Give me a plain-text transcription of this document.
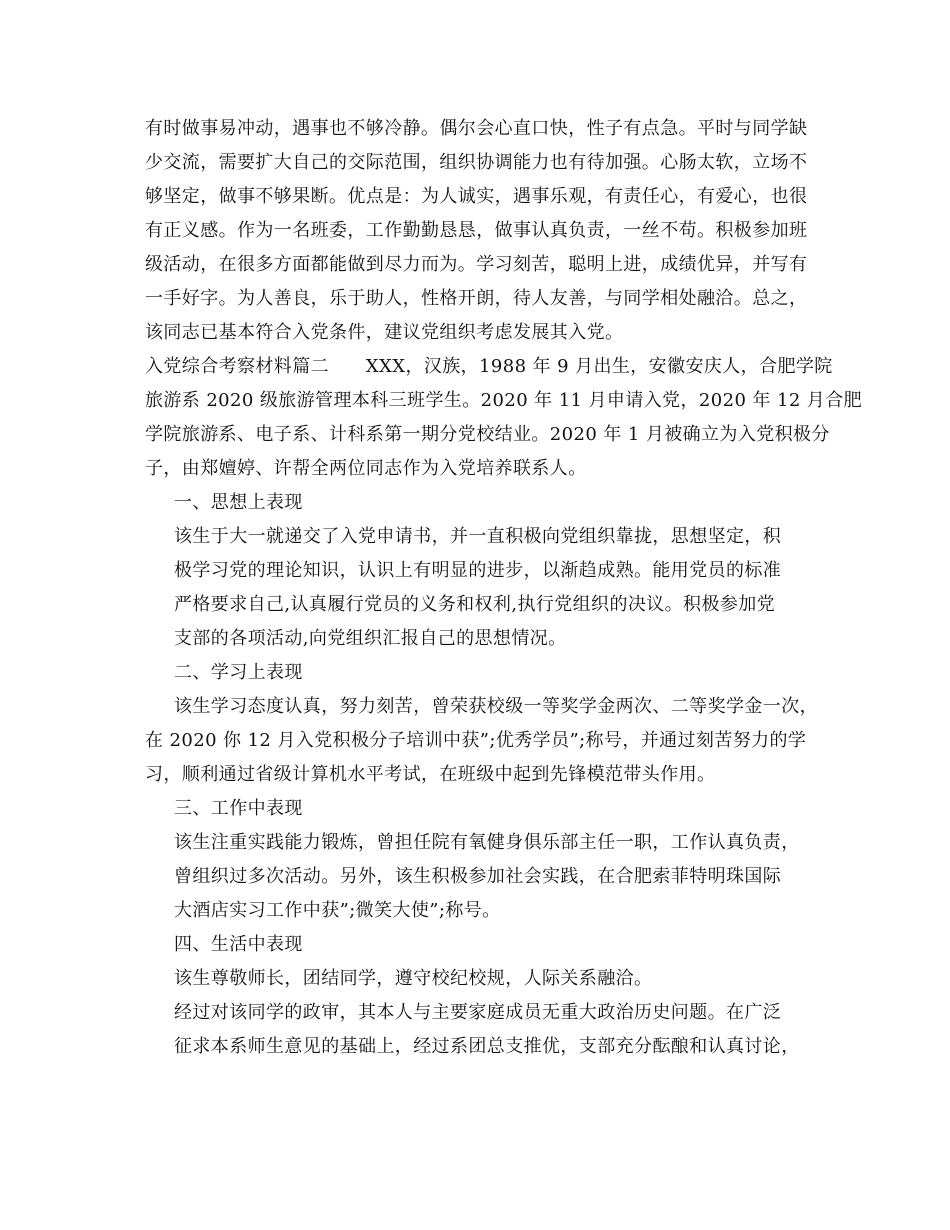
有时做事易冲动，遇事也不够冷静。偶尔会心直口快，性子有点急。平时与同学缺
少交流，需要扩大自己的交际范围，组织协调能力也有待加强。心肠太软，立场不
够坚定，做事不够果断。优点是：为人诚实，遇事乐观，有责任心，有爱心，也很
有正义感。作为一名班委，工作勤勤恳恳，做事认真负责，一丝不苟。积极参加班
级活动，在很多方面都能做到尽力而为。学习刻苦，聪明上进，成绩优异，并写有
一手好字。为人善良，乐于助人，性格开朗，待人友善，与同学相处融洽。总之，
该同志已基本符合入党条件，建议党组织考虑发展其入党。
入党综合考察材料篇二　　XXX，汉族，1988 年 9 月出生，安徽安庆人，合肥学院
旅游系 2020 级旅游管理本科三班学生。2020 年 11 月申请入党，2020 年 12 月合肥
学院旅游系、电子系、计科系第一期分党校结业。2020 年 1 月被确立为入党积极分
子，由郑嬗婷、许帮全两位同志作为入党培养联系人。
一、思想上表现
该生于大一就递交了入党申请书，并一直积极向党组织靠拢，思想坚定，积
极学习党的理论知识，认识上有明显的进步，以渐趋成熟。能用党员的标准
严格要求自己,认真履行党员的义务和权利,执行党组织的决议。积极参加党
支部的各项活动,向党组织汇报自己的思想情况。
二、学习上表现
该生学习态度认真，努力刻苦，曾荣获校级一等奖学金两次、二等奖学金一次，
在 2020 你 12 月入党积极分子培训中获”;优秀学员”;称号，并通过刻苦努力的学
习，顺利通过省级计算机水平考试，在班级中起到先锋模范带头作用。
三、工作中表现
该生注重实践能力锻炼，曾担任院有氧健身俱乐部主任一职，工作认真负责，
曾组织过多次活动。另外，该生积极参加社会实践，在合肥索菲特明珠国际
大酒店实习工作中获”;微笑大使”;称号。
四、生活中表现
该生尊敬师长，团结同学，遵守校纪校规，人际关系融洽。
经过对该同学的政审，其本人与主要家庭成员无重大政治历史问题。在广泛
征求本系师生意见的基础上，经过系团总支推优，支部充分酝酿和认真讨论，
